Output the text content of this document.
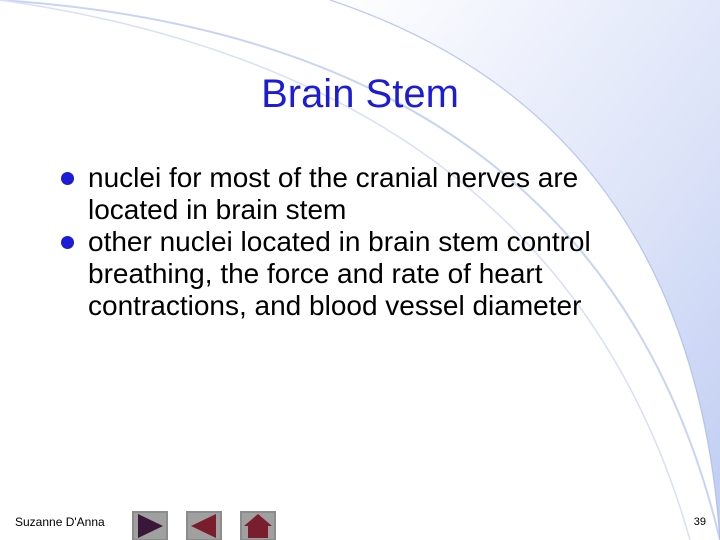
Brain Stem
nuclei for most of the cranial nerves are located in brain stem
other nuclei located in brain stem control breathing, the force and rate of heart contractions, and blood vessel diameter
Suzanne D'Anna	39
